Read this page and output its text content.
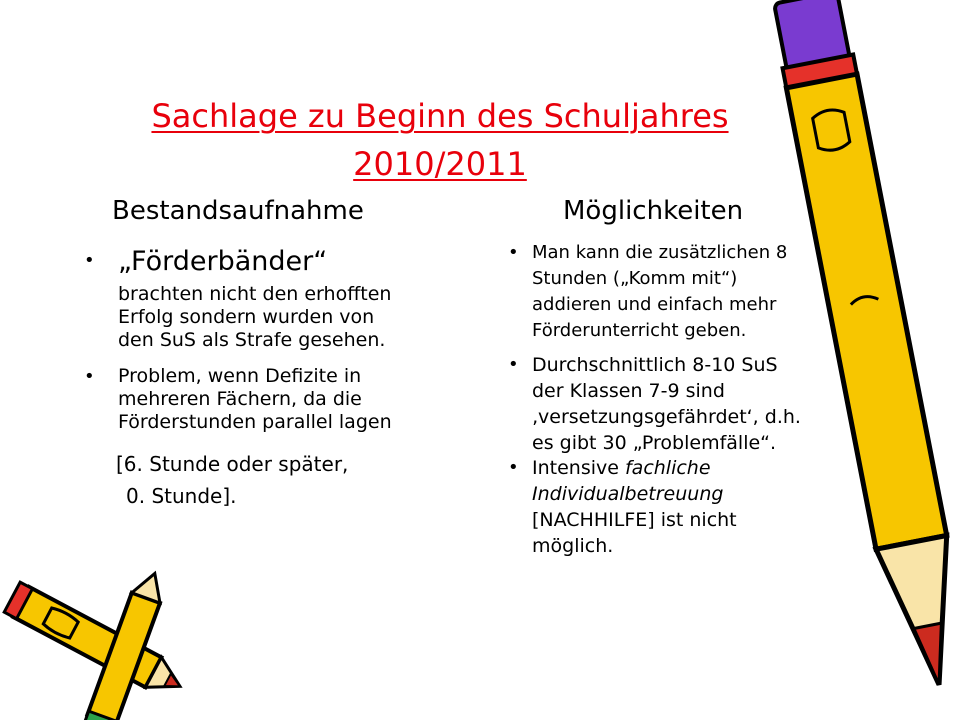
Sachlage zu Beginn des Schuljahres
2010/2011
Bestandsaufnahme	Möglichkeiten
• „Förderbänder“
brachten nicht den erhofften
Erfolg sondern wurden von
den SuS als Strafe gesehen.
• Problem, wenn Defizite in
mehreren Fächern, da die
Förderstunden parallel lagen
[6. Stunde oder später,
0. Stunde].
• Man kann die zusätzlichen 8
Stunden („Komm mit“)
addieren und einfach mehr
Förderunterricht geben.
• Durchschnittlich 8-10 SuS
der Klassen 7-9 sind
‚versetzungsgefährdet‘, d.h.
es gibt 30 „Problemfälle“.
• Intensive fachliche
Individualbetreuung
[NACHHILFE] ist nicht
möglich.
